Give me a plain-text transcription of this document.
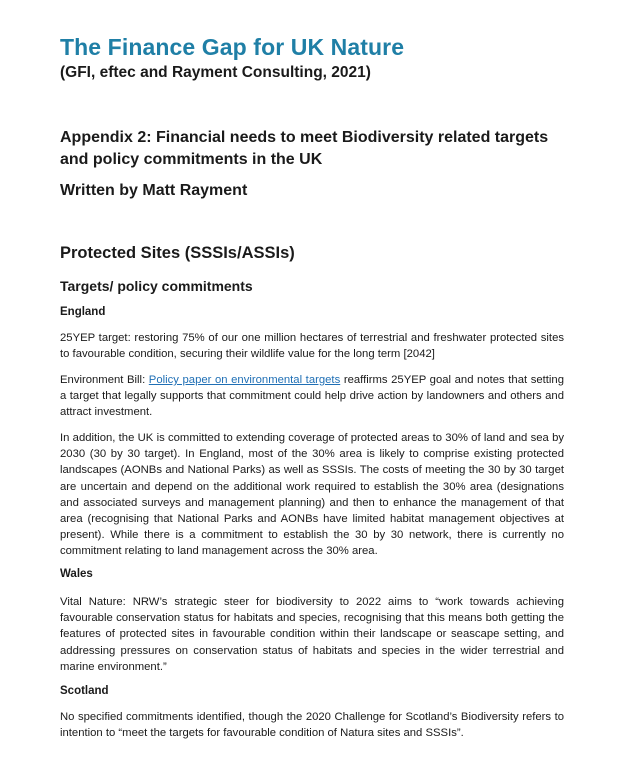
The Finance Gap for UK Nature
(GFI, eftec and Rayment Consulting, 2021)
Appendix 2: Financial needs to meet Biodiversity related targets and policy commitments in the UK
Written by Matt Rayment
Protected Sites (SSSIs/ASSIs)
Targets/ policy commitments
England
25YEP target: restoring 75% of our one million hectares of terrestrial and freshwater protected sites to favourable condition, securing their wildlife value for the long term [2042]
Environment Bill: Policy paper on environmental targets reaffirms 25YEP goal and notes that setting a target that legally supports that commitment could help drive action by landowners and others and attract investment.
In addition, the UK is committed to extending coverage of protected areas to 30% of land and sea by 2030 (30 by 30 target). In England, most of the 30% area is likely to comprise existing protected landscapes (AONBs and National Parks) as well as SSSIs. The costs of meeting the 30 by 30 target are uncertain and depend on the additional work required to establish the 30% area (designations and associated surveys and management planning) and then to enhance the management of that area (recognising that National Parks and AONBs have limited habitat management objectives at present). While there is a commitment to establish the 30 by 30 network, there is currently no commitment relating to land management across the 30% area.
Wales
Vital Nature: NRW’s strategic steer for biodiversity to 2022 aims to “work towards achieving favourable conservation status for habitats and species, recognising that this means both getting the features of protected sites in favourable condition within their landscape or seascape setting, and addressing pressures on conservation status of habitats and species in the wider terrestrial and marine environment.”
Scotland
No specified commitments identified, though the 2020 Challenge for Scotland’s Biodiversity refers to intention to “meet the targets for favourable condition of Natura sites and SSSIs”.
